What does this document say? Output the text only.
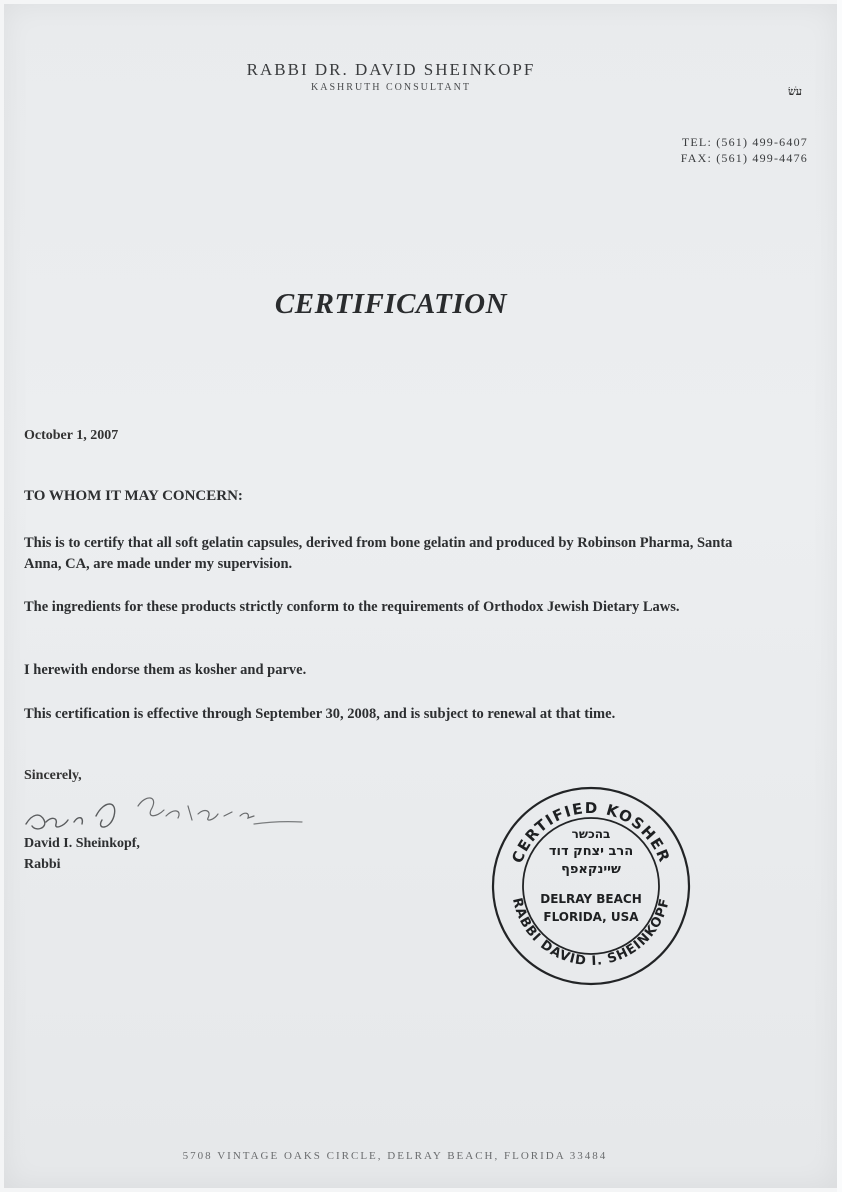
RABBI DR. DAVID SHEINKOPF
KASHRUTH CONSULTANT	עׂשׂ
TEL: (561) 499-6407
FAX: (561) 499-4476
CERTIFICATION
October 1, 2007
TO WHOM IT MAY CONCERN:
This is to certify that all soft gelatin capsules, derived from bone gelatin and produced by Robinson Pharma, Santa Anna, CA, are made under my supervision.
The ingredients for these products strictly conform to the requirements of Orthodox Jewish Dietary Laws.
I herewith endorse them as kosher and parve.
This certification is effective through September 30, 2008, and is subject to renewal at that time.
Sincerely,
David I. Sheinkopf,
Rabbi	CERTIFIED KOSHER
RABBI DAVID I. SHEINKOPF
בהכשר
הרב יצחק דוד
שיינקאפף
DELRAY BEACH
FLORIDA, USA
5708 VINTAGE OAKS CIRCLE, DELRAY BEACH, FLORIDA 33484
